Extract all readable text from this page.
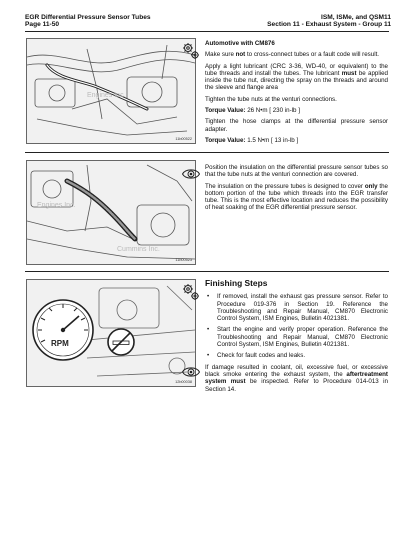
EGR Differential Pressure Sensor Tubes
Page 11-50
ISM, ISMe, and QSM11
Section 11 - Exhaust System - Group 11
Engines Inc.
11b00522
Automotive with CM876

Make sure not to cross-connect tubes or a fault code will result.

Apply a light lubricant (CRC 3-36, WD-40, or equivalent) to the tube threads and install the tubes. The lubricant must be applied inside the tube nut, directing the spray on the threads and around the sleeve and flange area

Tighten the tube nuts at the venturi connections.

Torque Value: 26 N•m [ 230 in-lb ]

Tighten the hose clamps at the differential pressure sensor adapter.

Torque Value: 1.5 N•m [ 13 in-lb ]

Engines Inc.
Cummins Inc.
11b00523

Position the insulation on the differential pressure sensor tubes so that the tube nuts at the venturi connection are covered.

The insulation on the pressure tubes is designed to cover only the bottom portion of the tube which threads into the EGR transfer tube. This is the most effective location and reduces the possibility of heat soaking of the EGR differential pressure sensor.

RPM
12b00038
Finishing Steps
• If removed, install the exhaust gas pressure sensor. Refer to Procedure 019-376 in Section 19. Reference the Troubleshooting and Repair Manual, CM870 Electronic Control System, ISM Engines, Bulletin 4021381.
• Start the engine and verify proper operation. Reference the Troubleshooting and Repair Manual, CM870 Electronic Control System, ISM Engines, Bulletin 4021381.
• Check for fault codes and leaks.

If damage resulted in coolant, oil, excessive fuel, or excessive black smoke entering the exhaust system, the aftertreatment system must be inspected. Refer to Procedure 014-013 in Section 14.
